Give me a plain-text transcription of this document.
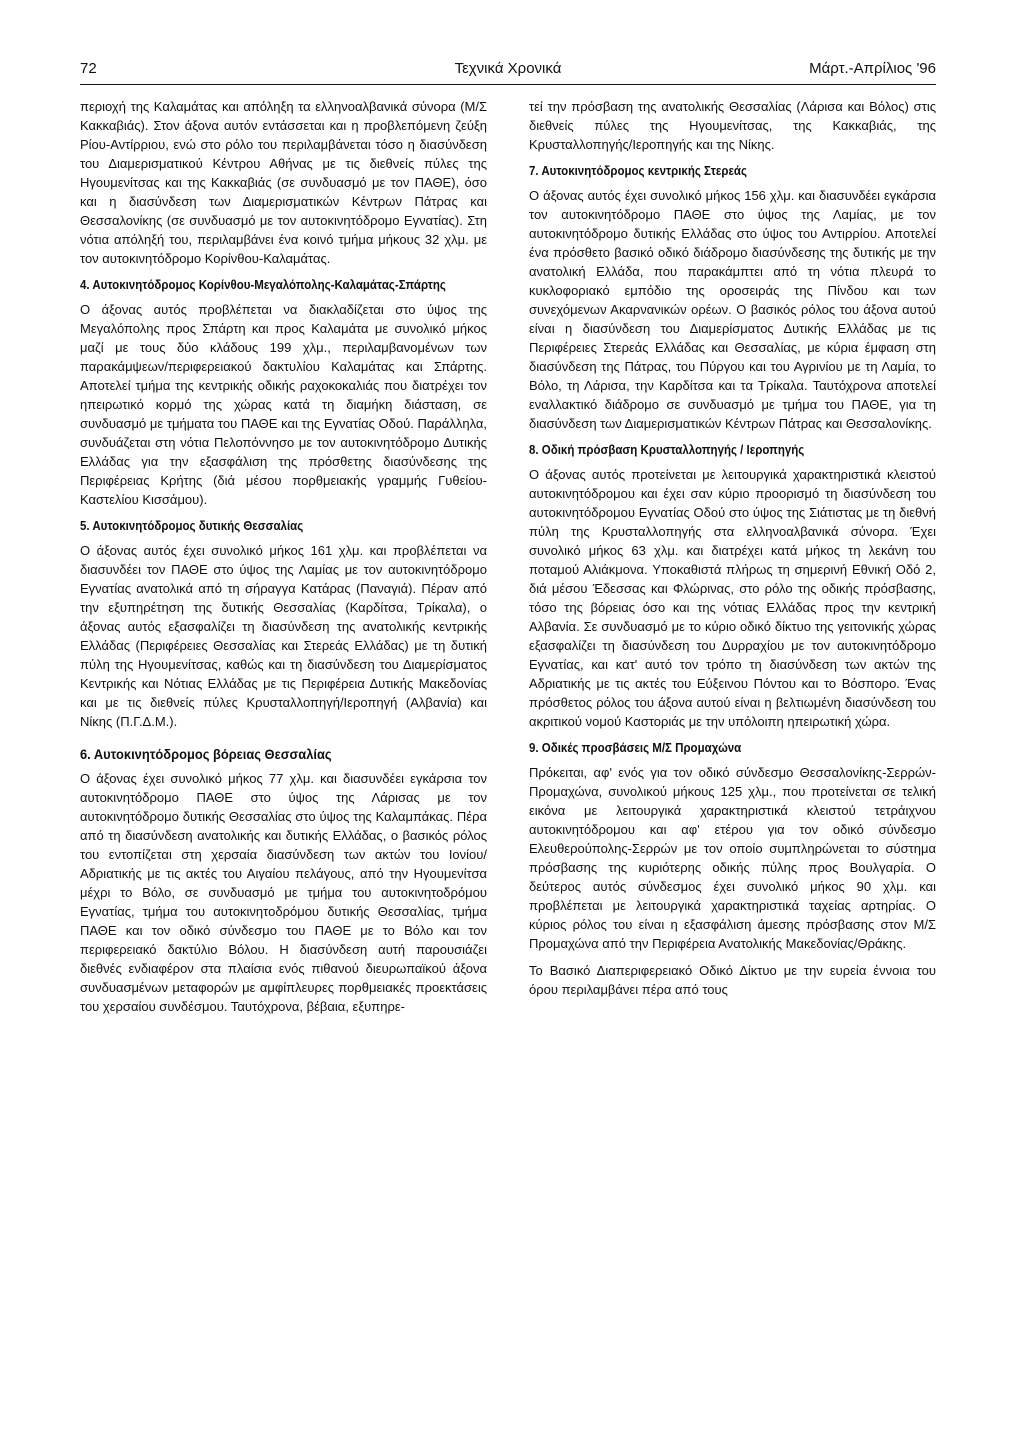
72	Τεχνικά Χρονικά	Μάρτ.-Απρίλιος '96

περιοχή της Καλαμάτας και απόληξη τα ελληνοαλβανικά σύνορα (Μ/Σ Κακκαβιάς). Στον άξονα αυτόν εντάσσεται και η προβλεπόμενη ζεύξη Ρίου-Αντίρριου, ενώ στο ρόλο του περιλαμβάνεται τόσο η διασύνδεση του Διαμερισματικού Κέντρου Αθήνας με τις διεθνείς πύλες της Ηγουμενίτσας και της Κακκαβιάς (σε συνδυασμό με τον ΠΑΘΕ), όσο και η διασύνδεση των Διαμερισματικών Κέντρων Πάτρας και Θεσσαλονίκης (σε συνδυασμό με τον αυτοκινητόδρομο Εγνατίας). Στη νότια απόληξή του, περιλαμβάνει ένα κοινό τμήμα μήκους 32 χλμ. με τον αυτοκινητόδρομο Κορίνθου-Καλαμάτας.

4. Αυτοκινητόδρομος Κορίνθου-Μεγαλόπολης-Καλαμάτας-Σπάρτης

Ο άξονας αυτός προβλέπεται να διακλαδίζεται στο ύψος της Μεγαλόπολης προς Σπάρτη και προς Καλαμάτα με συνολικό μήκος μαζί με τους δύο κλάδους 199 χλμ., περιλαμβανομένων των παρακάμψεων/περιφερειακού δακτυλίου Καλαμάτας και Σπάρτης. Αποτελεί τμήμα της κεντρικής οδικής ραχοκοκαλιάς που διατρέχει τον ηπειρωτικό κορμό της χώρας κατά τη διαμήκη διάσταση, σε συνδυασμό με τμήματα του ΠΑΘΕ και της Εγνατίας Οδού. Παράλληλα, συνδυάζεται στη νότια Πελοπόννησο με τον αυτοκινητόδρομο Δυτικής Ελλάδας για την εξασφάλιση της πρόσθετης διασύνδεσης της Περιφέρειας Κρήτης (διά μέσου πορθμειακής γραμμής Γυθείου-Καστελίου Κισσάμου).

5. Αυτοκινητόδρομος δυτικής Θεσσαλίας

Ο άξονας αυτός έχει συνολικό μήκος 161 χλμ. και προβλέπεται να διασυνδέει τον ΠΑΘΕ στο ύψος της Λαμίας με τον αυτοκινητόδρομο Εγνατίας ανατολικά από τη σήραγγα Κατάρας (Παναγιά). Πέραν από την εξυπηρέτηση της δυτικής Θεσσαλίας (Καρδίτσα, Τρίκαλα), ο άξονας αυτός εξασφαλίζει τη διασύνδεση της ανατολικής κεντρικής Ελλάδας (Περιφέρειες Θεσσαλίας και Στερεάς Ελλάδας) με τη δυτική πύλη της Ηγουμενίτσας, καθώς και τη διασύνδεση του Διαμερίσματος Κεντρικής και Νότιας Ελλάδας με τις Περιφέρεια Δυτικής Μακεδονίας και με τις διεθνείς πύλες Κρυσταλλοπηγή/Ιεροπηγή (Αλβανία) και Νίκης (Π.Γ.Δ.Μ.).

6. Αυτοκινητόδρομος βόρειας Θεσσαλίας

Ο άξονας έχει συνολικό μήκος 77 χλμ. και διασυνδέει εγκάρσια τον αυτοκινητόδρομο ΠΑΘΕ στο ύψος της Λάρισας με τον αυτοκινητόδρομο δυτικής Θεσσαλίας στο ύψος της Καλαμπάκας. Πέρα από τη διασύνδεση ανατολικής και δυτικής Ελλάδας, ο βασικός ρόλος του εντοπίζεται στη χερσαία διασύνδεση των ακτών του Ιονίου/Αδριατικής με τις ακτές του Αιγαίου πελάγους, από την Ηγουμενίτσα μέχρι το Βόλο, σε συνδυασμό με τμήμα του αυτοκινητοδρόμου Εγνατίας, τμήμα του αυτοκινητοδρόμου δυτικής Θεσσαλίας, τμήμα ΠΑΘΕ και τον οδικό σύνδεσμο του ΠΑΘΕ με το Βόλο και τον περιφερειακό δακτύλιο Βόλου. Η διασύνδεση αυτή παρουσιάζει διεθνές ενδιαφέρον στα πλαίσια ενός πιθανού διευρωπαϊκού άξονα συνδυασμένων μεταφορών με αμφίπλευρες πορθμειακές προεκτάσεις του χερσαίου συνδέσμου. Ταυτόχρονα, βέβαια, εξυπηρε-

τεί την πρόσβαση της ανατολικής Θεσσαλίας (Λάρισα και Βόλος) στις διεθνείς πύλες της Ηγουμενίτσας, της Κακκαβιάς, της Κρυσταλλοπηγής/Ιεροπηγής και της Νίκης.

7. Αυτοκινητόδρομος κεντρικής Στερεάς

Ο άξονας αυτός έχει συνολικό μήκος 156 χλμ. και διασυνδέει εγκάρσια τον αυτοκινητόδρομο ΠΑΘΕ στο ύψος της Λαμίας, με τον αυτοκινητόδρομο δυτικής Ελλάδας στο ύψος του Αντιρρίου. Αποτελεί ένα πρόσθετο βασικό οδικό διάδρομο διασύνδεσης της δυτικής με την ανατολική Ελλάδα, που παρακάμπτει από τη νότια πλευρά το κυκλοφοριακό εμπόδιο της οροσειράς της Πίνδου και των συνεχόμενων Ακαρνανικών ορέων. Ο βασικός ρόλος του άξονα αυτού είναι η διασύνδεση του Διαμερίσματος Δυτικής Ελλάδας με τις Περιφέρειες Στερεάς Ελλάδας και Θεσσαλίας, με κύρια έμφαση στη διασύνδεση της Πάτρας, του Πύργου και του Αγρινίου με τη Λαμία, το Βόλο, τη Λάρισα, την Καρδίτσα και τα Τρίκαλα. Ταυτόχρονα αποτελεί εναλλακτικό διάδρομο σε συνδυασμό με τμήμα του ΠΑΘΕ, για τη διασύνδεση των Διαμερισματικών Κέντρων Πάτρας και Θεσσαλονίκης.

8. Οδική πρόσβαση Κρυσταλλοπηγής / Ιεροπηγής

Ο άξονας αυτός προτείνεται με λειτουργικά χαρακτηριστικά κλειστού αυτοκινητόδρομου και έχει σαν κύριο προορισμό τη διασύνδεση του αυτοκινητόδρομου Εγνατίας Οδού στο ύψος της Σιάτιστας με τη διεθνή πύλη της Κρυσταλλοπηγής στα ελληνοαλβανικά σύνορα. Έχει συνολικό μήκος 63 χλμ. και διατρέχει κατά μήκος τη λεκάνη του ποταμού Αλιάκμονα. Υποκαθιστά πλήρως τη σημερινή Εθνική Οδό 2, διά μέσου Έδεσσας και Φλώρινας, στο ρόλο της οδικής πρόσβασης, τόσο της βόρειας όσο και της νότιας Ελλάδας προς την κεντρική Αλβανία. Σε συνδυασμό με το κύριο οδικό δίκτυο της γειτονικής χώρας εξασφαλίζει τη διασύνδεση του Δυρραχίου με τον αυτοκινητόδρομο Εγνατίας, και κατ' αυτό τον τρόπο τη διασύνδεση των ακτών της Αδριατικής με τις ακτές του Εύξεινου Πόντου και το Βόσπορο. Ένας πρόσθετος ρόλος του άξονα αυτού είναι η βελτιωμένη διασύνδεση του ακριτικού νομού Καστοριάς με την υπόλοιπη ηπειρωτική χώρα.

9. Οδικές προσβάσεις Μ/Σ Προμαχώνα

Πρόκειται, αφ' ενός για τον οδικό σύνδεσμο Θεσσαλονίκης-Σερρών-Προμαχώνα, συνολικού μήκους 125 χλμ., που προτείνεται σε τελική εικόνα με λειτουργικά χαρακτηριστικά κλειστού τετράιχνου αυτοκινητόδρομου και αφ' ετέρου για τον οδικό σύνδεσμο Ελευθερούπολης-Σερρών με τον οποίο συμπληρώνεται το σύστημα πρόσβασης της κυριότερης οδικής πύλης προς Βουλγαρία. Ο δεύτερος αυτός σύνδεσμος έχει συνολικό μήκος 90 χλμ. και προβλέπεται με λειτουργικά χαρακτηριστικά ταχείας αρτηρίας. Ο κύριος ρόλος του είναι η εξασφάλιση άμεσης πρόσβασης στον Μ/Σ Προμαχώνα από την Περιφέρεια Ανατολικής Μακεδονίας/Θράκης.

Το Βασικό Διαπεριφερειακό Οδικό Δίκτυο με την ευρεία έννοια του όρου περιλαμβάνει πέρα από τους
